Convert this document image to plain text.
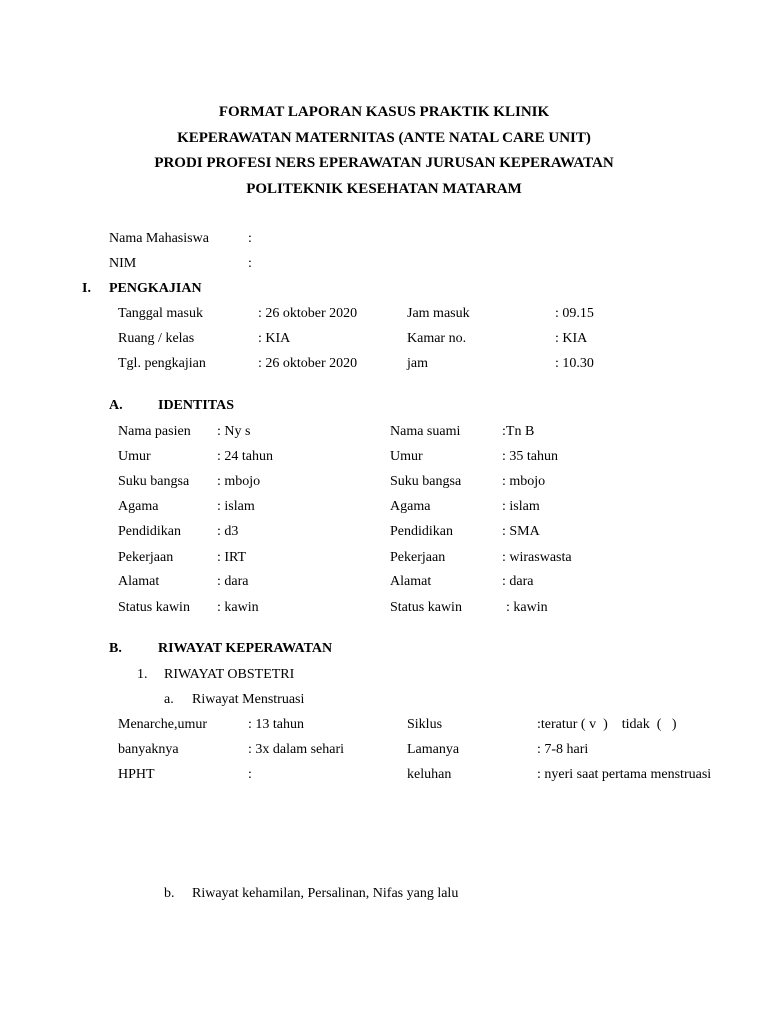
FORMAT LAPORAN KASUS PRAKTIK KLINIK
KEPERAWATAN MATERNITAS (ANTE NATAL CARE UNIT)
PRODI PROFESI NERS EPERAWATAN JURUSAN KEPERAWATAN
POLITEKNIK KESEHATAN MATARAM
Nama Mahasiswa	:
NIM	:
I. PENGKAJIAN
Tanggal masuk	: 26 oktober 2020	Jam masuk	: 09.15
Ruang / kelas	: KIA	Kamar no.	: KIA
Tgl. pengkajian	: 26 oktober 2020	jam	: 10.30
A.	IDENTITAS
Nama pasien : Ny s	Nama suami	:Tn B
Umur	: 24 tahun	Umur	: 35 tahun
Suku bangsa : mbojo	Suku bangsa	: mbojo
Agama	: islam	Agama	: islam
Pendidikan	: d3	Pendidikan	: SMA
Pekerjaan	: IRT	Pekerjaan	: wiraswasta
Alamat	: dara	Alamat	: dara
Status kawin : kawin	Status kawin	: kawin
B.	RIWAYAT KEPERAWATAN
1. RIWAYAT OBSTETRI
a. Riwayat Menstruasi
Menarche,umur	: 13 tahun	Siklus	:teratur ( v  )    tidak  (   )
banyaknya	: 3x dalam sehari	Lamanya	: 7-8 hari
HPHT	:	keluhan	: nyeri saat pertama menstruasi
b. Riwayat kehamilan, Persalinan, Nifas yang lalu
